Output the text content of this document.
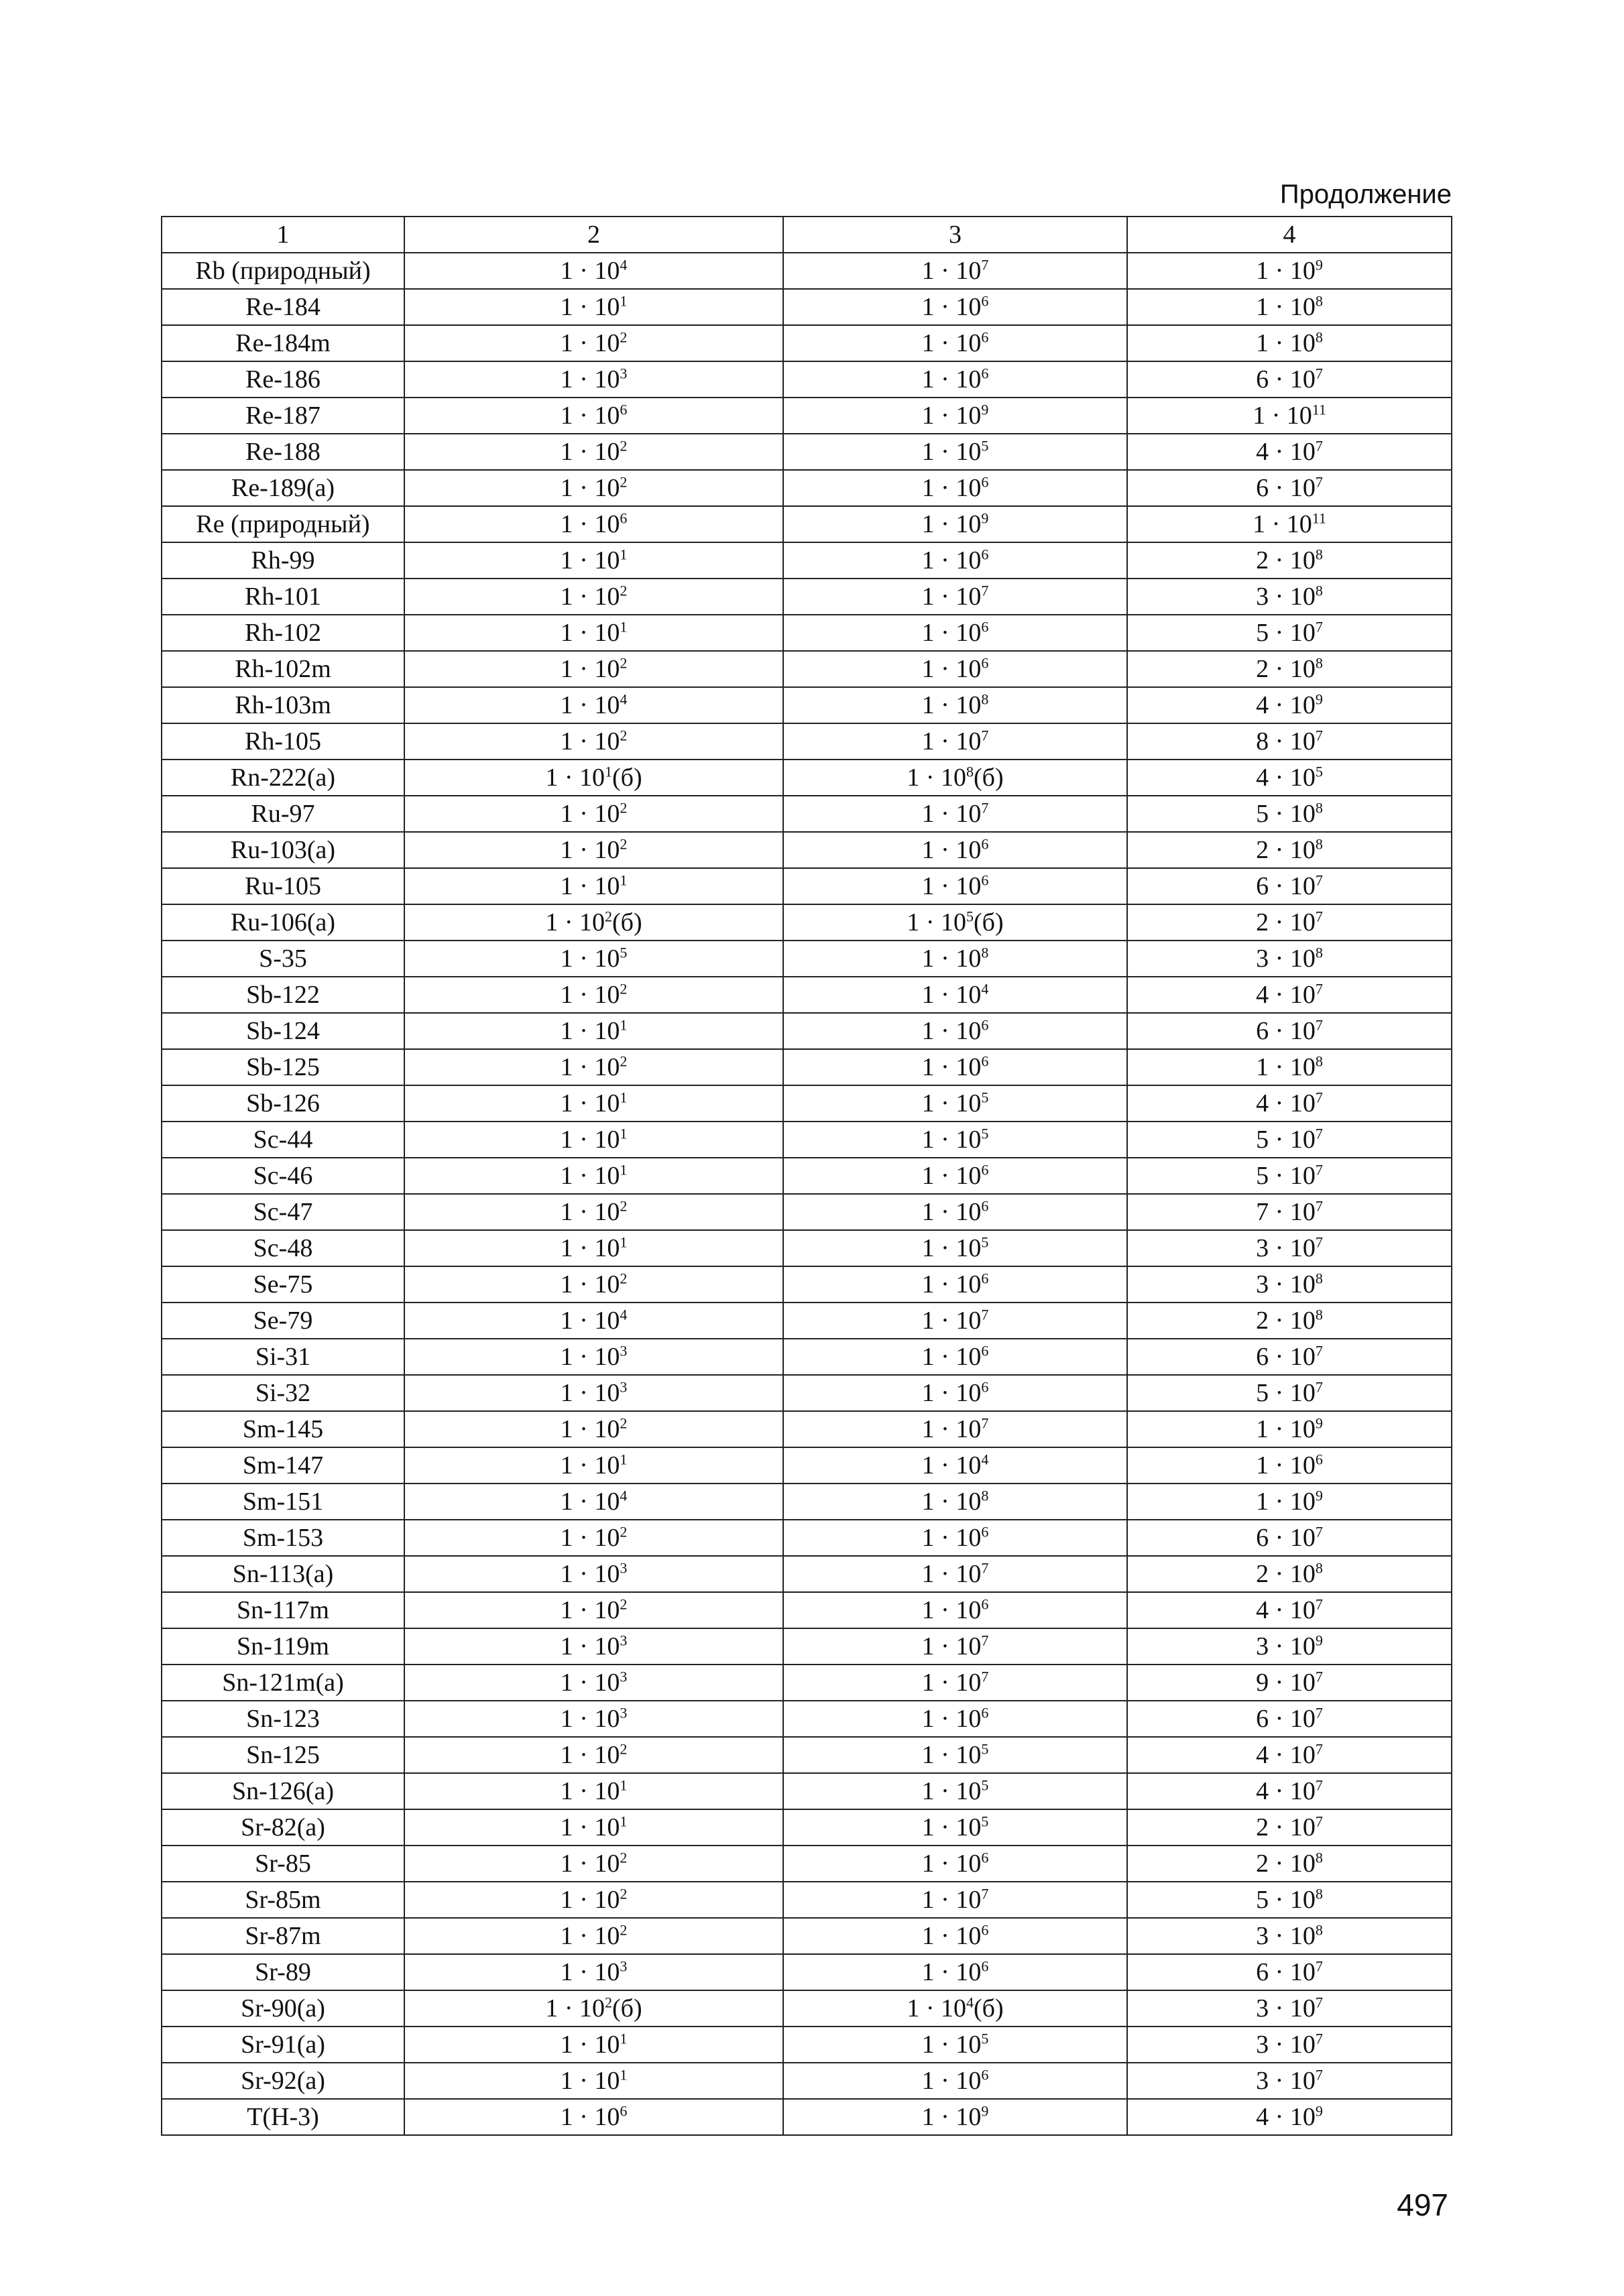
Продолжение
1	2	3	4
Rb (природный)	$1 \cdot 10^4$	$1 \cdot 10^7$	$1 \cdot 10^9$
Re-184	$1 \cdot 10^1$	$1 \cdot 10^6$	$1 \cdot 10^8$
Re-184m	$1 \cdot 10^2$	$1 \cdot 10^6$	$1 \cdot 10^8$
Re-186	$1 \cdot 10^3$	$1 \cdot 10^6$	$6 \cdot 10^7$
Re-187	$1 \cdot 10^6$	$1 \cdot 10^9$	$1 \cdot 10^{11}$
Re-188	$1 \cdot 10^2$	$1 \cdot 10^5$	$4 \cdot 10^7$
Re-189(a)	$1 \cdot 10^2$	$1 \cdot 10^6$	$6 \cdot 10^7$
Re (природный)	$1 \cdot 10^6$	$1 \cdot 10^9$	$1 \cdot 10^{11}$
Rh-99	$1 \cdot 10^1$	$1 \cdot 10^6$	$2 \cdot 10^8$
Rh-101	$1 \cdot 10^2$	$1 \cdot 10^7$	$3 \cdot 10^8$
Rh-102	$1 \cdot 10^1$	$1 \cdot 10^6$	$5 \cdot 10^7$
Rh-102m	$1 \cdot 10^2$	$1 \cdot 10^6$	$2 \cdot 10^8$
Rh-103m	$1 \cdot 10^4$	$1 \cdot 10^8$	$4 \cdot 10^9$
Rh-105	$1 \cdot 10^2$	$1 \cdot 10^7$	$8 \cdot 10^7$
Rn-222(a)	$1 \cdot 10^1(б)$	$1 \cdot 10^8(б)$	$4 \cdot 10^5$
Ru-97	$1 \cdot 10^2$	$1 \cdot 10^7$	$5 \cdot 10^8$
Ru-103(a)	$1 \cdot 10^2$	$1 \cdot 10^6$	$2 \cdot 10^8$
Ru-105	$1 \cdot 10^1$	$1 \cdot 10^6$	$6 \cdot 10^7$
Ru-106(a)	$1 \cdot 10^2(б)$	$1 \cdot 10^5(б)$	$2 \cdot 10^7$
S-35	$1 \cdot 10^5$	$1 \cdot 10^8$	$3 \cdot 10^8$
Sb-122	$1 \cdot 10^2$	$1 \cdot 10^4$	$4 \cdot 10^7$
Sb-124	$1 \cdot 10^1$	$1 \cdot 10^6$	$6 \cdot 10^7$
Sb-125	$1 \cdot 10^2$	$1 \cdot 10^6$	$1 \cdot 10^8$
Sb-126	$1 \cdot 10^1$	$1 \cdot 10^5$	$4 \cdot 10^7$
Sc-44	$1 \cdot 10^1$	$1 \cdot 10^5$	$5 \cdot 10^7$
Sc-46	$1 \cdot 10^1$	$1 \cdot 10^6$	$5 \cdot 10^7$
Sc-47	$1 \cdot 10^2$	$1 \cdot 10^6$	$7 \cdot 10^7$
Sc-48	$1 \cdot 10^1$	$1 \cdot 10^5$	$3 \cdot 10^7$
Se-75	$1 \cdot 10^2$	$1 \cdot 10^6$	$3 \cdot 10^8$
Se-79	$1 \cdot 10^4$	$1 \cdot 10^7$	$2 \cdot 10^8$
Si-31	$1 \cdot 10^3$	$1 \cdot 10^6$	$6 \cdot 10^7$
Si-32	$1 \cdot 10^3$	$1 \cdot 10^6$	$5 \cdot 10^7$
Sm-145	$1 \cdot 10^2$	$1 \cdot 10^7$	$1 \cdot 10^9$
Sm-147	$1 \cdot 10^1$	$1 \cdot 10^4$	$1 \cdot 10^6$
Sm-151	$1 \cdot 10^4$	$1 \cdot 10^8$	$1 \cdot 10^9$
Sm-153	$1 \cdot 10^2$	$1 \cdot 10^6$	$6 \cdot 10^7$
Sn-113(a)	$1 \cdot 10^3$	$1 \cdot 10^7$	$2 \cdot 10^8$
Sn-117m	$1 \cdot 10^2$	$1 \cdot 10^6$	$4 \cdot 10^7$
Sn-119m	$1 \cdot 10^3$	$1 \cdot 10^7$	$3 \cdot 10^9$
Sn-121m(a)	$1 \cdot 10^3$	$1 \cdot 10^7$	$9 \cdot 10^7$
Sn-123	$1 \cdot 10^3$	$1 \cdot 10^6$	$6 \cdot 10^7$
Sn-125	$1 \cdot 10^2$	$1 \cdot 10^5$	$4 \cdot 10^7$
Sn-126(a)	$1 \cdot 10^1$	$1 \cdot 10^5$	$4 \cdot 10^7$
Sr-82(a)	$1 \cdot 10^1$	$1 \cdot 10^5$	$2 \cdot 10^7$
Sr-85	$1 \cdot 10^2$	$1 \cdot 10^6$	$2 \cdot 10^8$
Sr-85m	$1 \cdot 10^2$	$1 \cdot 10^7$	$5 \cdot 10^8$
Sr-87m	$1 \cdot 10^2$	$1 \cdot 10^6$	$3 \cdot 10^8$
Sr-89	$1 \cdot 10^3$	$1 \cdot 10^6$	$6 \cdot 10^7$
Sr-90(a)	$1 \cdot 10^2(б)$	$1 \cdot 10^4(б)$	$3 \cdot 10^7$
Sr-91(a)	$1 \cdot 10^1$	$1 \cdot 10^5$	$3 \cdot 10^7$
Sr-92(a)	$1 \cdot 10^1$	$1 \cdot 10^6$	$3 \cdot 10^7$
T(H-3)	$1 \cdot 10^6$	$1 \cdot 10^9$	$4 \cdot 10^9$
497
